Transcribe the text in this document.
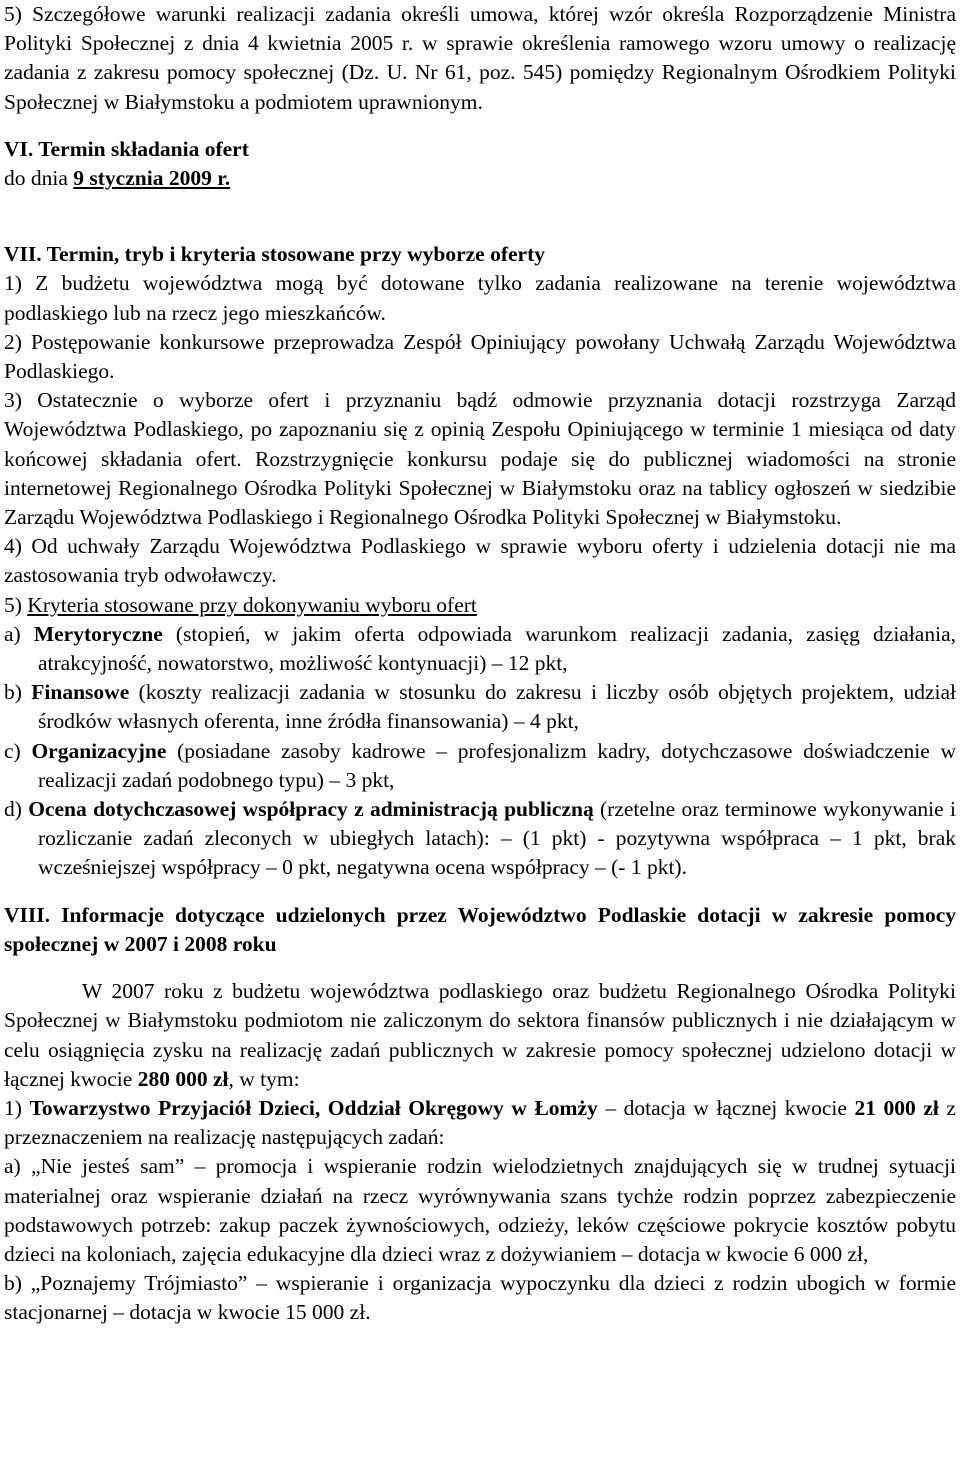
5) Szczegółowe warunki realizacji zadania określi umowa, której wzór określa Rozporządzenie Ministra Polityki Społecznej z dnia 4 kwietnia 2005 r. w sprawie określenia ramowego wzoru umowy o realizację zadania z zakresu pomocy społecznej (Dz. U. Nr 61, poz. 545) pomiędzy Regionalnym Ośrodkiem Polityki Społecznej w Białymstoku a podmiotem uprawnionym.

VI. Termin składania ofert

do dnia 9 stycznia 2009 r.

VII. Termin, tryb i kryteria stosowane przy wyborze oferty

1) Z budżetu województwa mogą być dotowane tylko zadania realizowane na terenie województwa podlaskiego lub na rzecz jego mieszkańców.

2) Postępowanie konkursowe przeprowadza Zespół Opiniujący powołany Uchwałą Zarządu Województwa Podlaskiego.

3) Ostatecznie o wyborze ofert i przyznaniu bądź odmowie przyznania dotacji rozstrzyga Zarząd Województwa Podlaskiego, po zapoznaniu się z opinią Zespołu Opiniującego w terminie 1 miesiąca od daty końcowej składania ofert. Rozstrzygnięcie konkursu podaje się do publicznej wiadomości na stronie internetowej Regionalnego Ośrodka Polityki Społecznej w Białymstoku oraz na tablicy ogłoszeń w siedzibie Zarządu Województwa Podlaskiego i Regionalnego Ośrodka Polityki Społecznej w Białymstoku.

4) Od uchwały Zarządu Województwa Podlaskiego w sprawie wyboru oferty i udzielenia dotacji nie ma zastosowania tryb odwoławczy.

5) Kryteria stosowane przy dokonywaniu wyboru ofert

a) Merytoryczne (stopień, w jakim oferta odpowiada warunkom realizacji zadania, zasięg działania, atrakcyjność, nowatorstwo, możliwość kontynuacji) – 12 pkt,

b) Finansowe (koszty realizacji zadania w stosunku do zakresu i liczby osób objętych projektem, udział środków własnych oferenta, inne źródła finansowania) – 4 pkt,

c) Organizacyjne (posiadane zasoby kadrowe – profesjonalizm kadry, dotychczasowe doświadczenie w realizacji zadań podobnego typu) – 3 pkt,

d) Ocena dotychczasowej współpracy z administracją publiczną (rzetelne oraz terminowe wykonywanie i rozliczanie zadań zleconych w ubiegłych latach): – (1 pkt) - pozytywna współpraca – 1 pkt, brak wcześniejszej współpracy – 0 pkt, negatywna ocena współpracy – (- 1 pkt).

VIII. Informacje dotyczące udzielonych przez Województwo Podlaskie dotacji w zakresie pomocy społecznej w 2007 i 2008 roku

W 2007 roku z budżetu województwa podlaskiego oraz budżetu Regionalnego Ośrodka Polityki Społecznej w Białymstoku podmiotom nie zaliczonym do sektora finansów publicznych i nie działającym w celu osiągnięcia zysku na realizację zadań publicznych w zakresie pomocy społecznej udzielono dotacji w łącznej kwocie 280 000 zł, w tym:

1) Towarzystwo Przyjaciół Dzieci, Oddział Okręgowy w Łomży – dotacja w łącznej kwocie 21 000 zł z przeznaczeniem na realizację następujących zadań:

a) „Nie jesteś sam” – promocja i wspieranie rodzin wielodzietnych znajdujących się w trudnej sytuacji materialnej oraz wspieranie działań na rzecz wyrównywania szans tychże rodzin poprzez zabezpieczenie podstawowych potrzeb: zakup paczek żywnościowych, odzieży, leków częściowe pokrycie kosztów pobytu dzieci na koloniach, zajęcia edukacyjne dla dzieci wraz z dożywianiem – dotacja w kwocie 6 000 zł,

b) „Poznajemy Trójmiasto” – wspieranie i organizacja wypoczynku dla dzieci z rodzin ubogich w formie stacjonarnej – dotacja w kwocie 15 000 zł.
